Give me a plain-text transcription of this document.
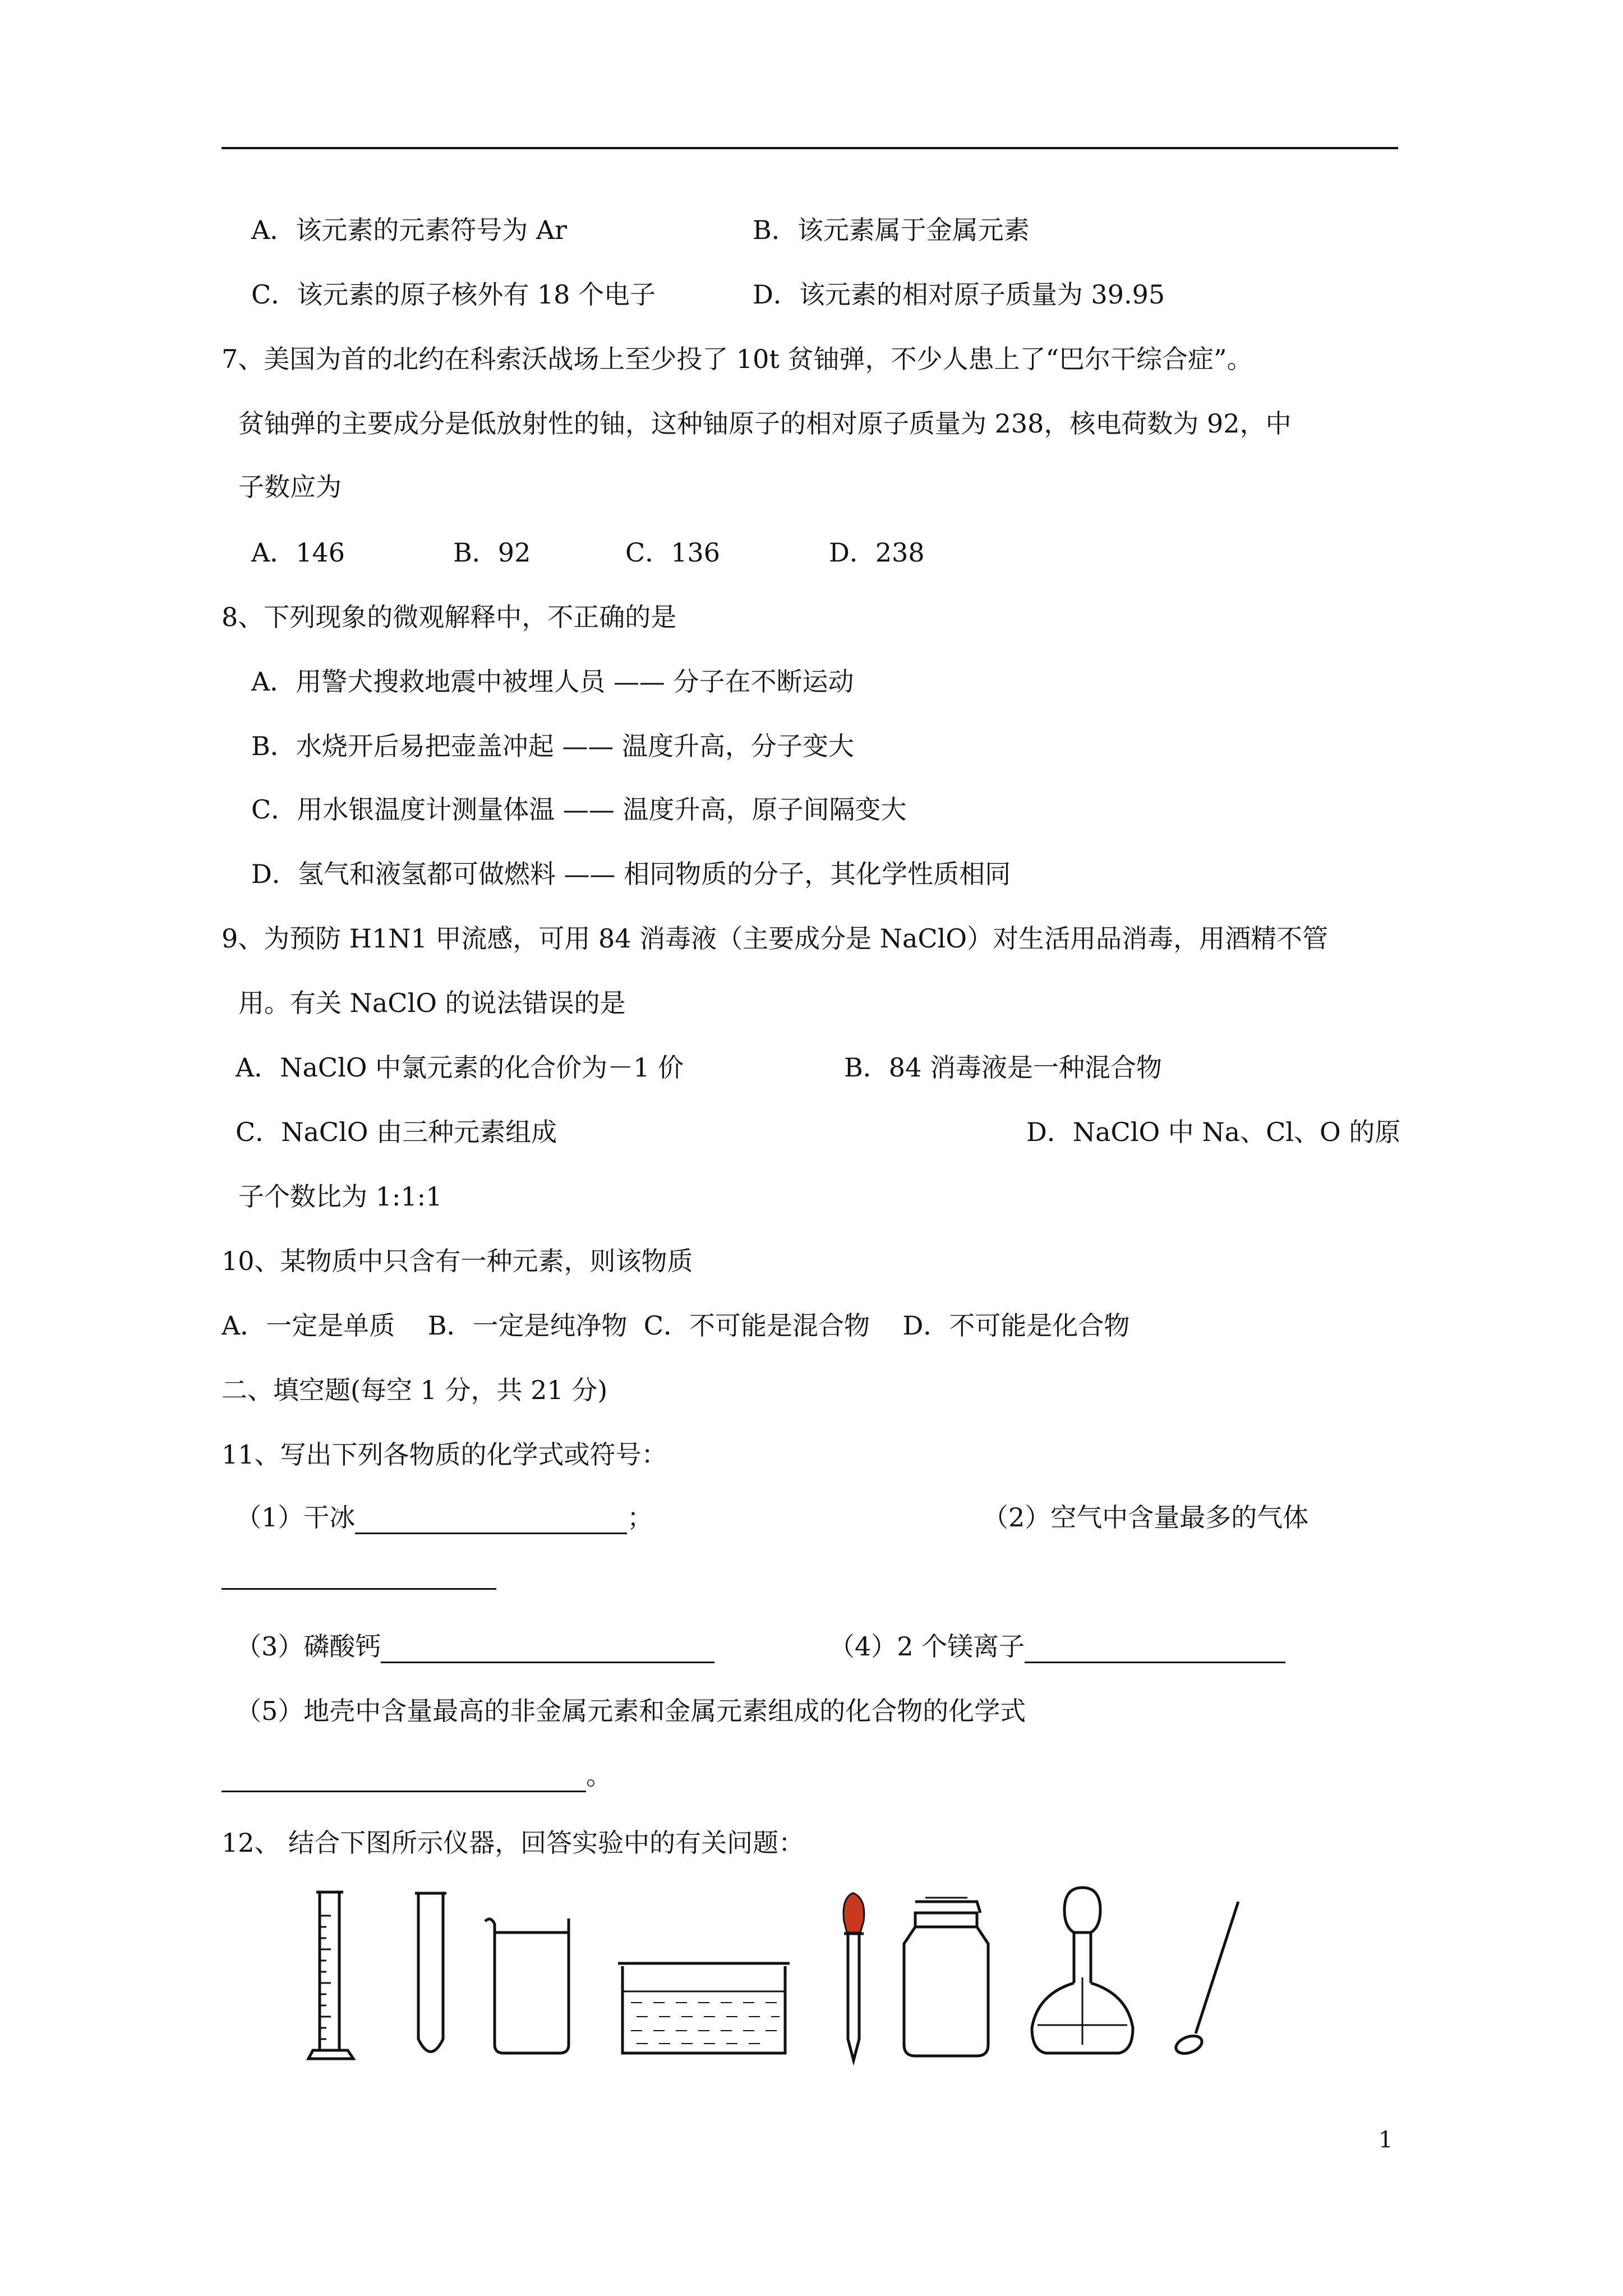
A．该元素的元素符号为 Ar	B．该元素属于金属元素
C．该元素的原子核外有 18 个电子	D．该元素的相对原子质量为 39.95
7、美国为首的北约在科索沃战场上至少投了 10t 贫铀弹，不少人患上了“巴尔干综合症”。
贫铀弹的主要成分是低放射性的铀，这种铀原子的相对原子质量为 238，核电荷数为 92，中
子数应为
A．146	B．92	C．136	D．238
8、下列现象的微观解释中，不正确的是
A．用警犬搜救地震中被埋人员 —— 分子在不断运动
B．水烧开后易把壶盖冲起 —— 温度升高，分子变大
C．用水银温度计测量体温 —— 温度升高，原子间隔变大
D．氢气和液氢都可做燃料 —— 相同物质的分子，其化学性质相同
9、为预防 H1N1 甲流感，可用 84 消毒液（主要成分是 NaClO）对生活用品消毒，用酒精不管
用。有关 NaClO 的说法错误的是
A．NaClO 中氯元素的化合价为－1 价	B．84 消毒液是一种混合物
C．NaClO 由三种元素组成	D．NaClO 中 Na、Cl、O 的原
子个数比为 1:1:1
10、某物质中只含有一种元素，则该物质
A．一定是单质    B．一定是纯净物  C．不可能是混合物    D．不可能是化合物
二、填空题(每空 1 分，共 21 分)
11、写出下列各物质的化学式或符号：
（1）干冰	；	（2）空气中含量最多的气体
（3）磷酸钙	（4）2 个镁离子
（5）地壳中含量最高的非金属元素和金属元素组成的化合物的化学式
。
12、 结合下图所示仪器，回答实验中的有关问题：
1
